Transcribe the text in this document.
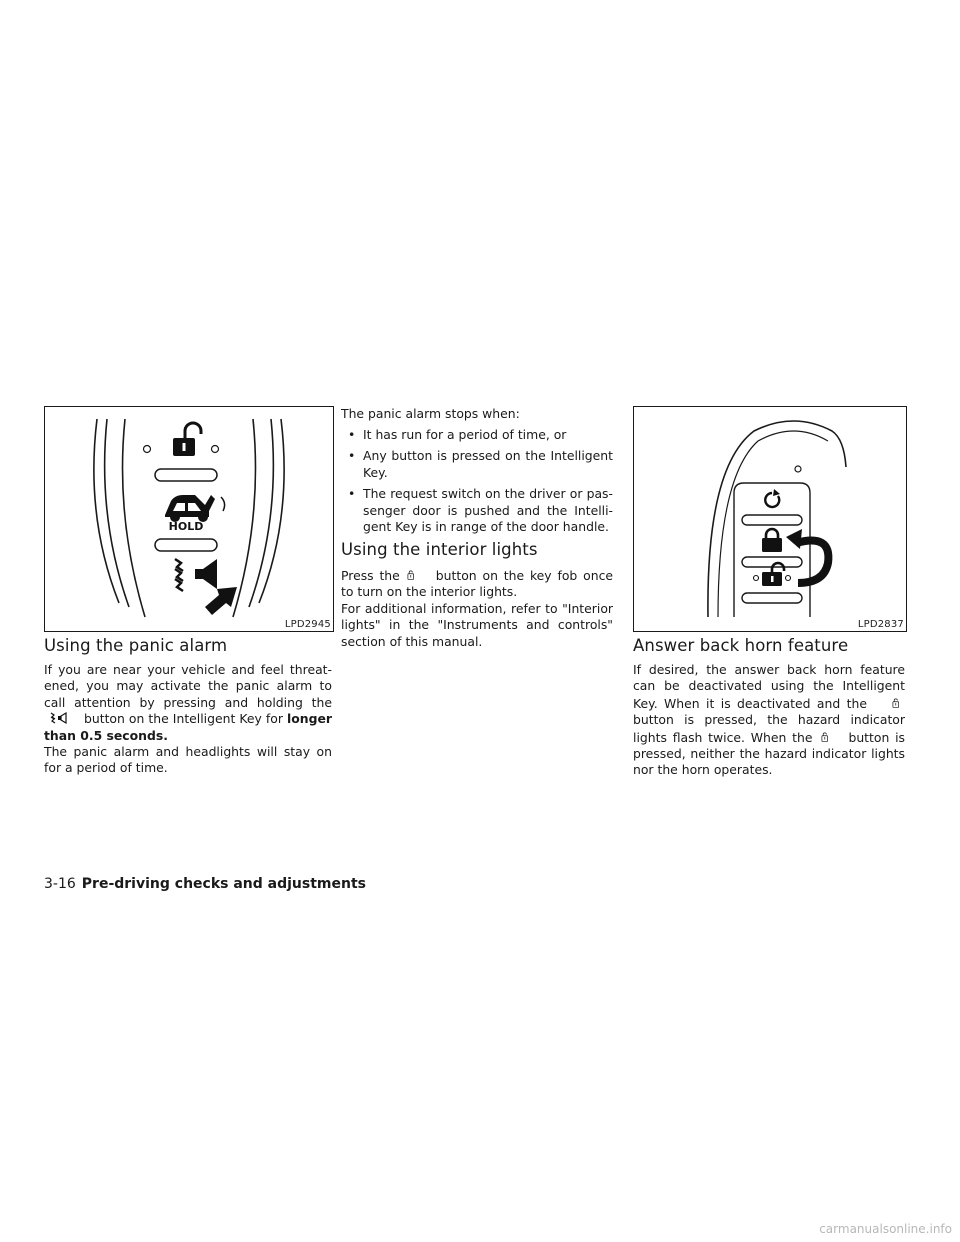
HOLD
LPD2945
Using the panic alarm

If you are near your vehicle and feel threat-ened, you may activate the panic alarm to call attention by pressing and holding thebutton on the Intelligent Key for longer than 0.5 seconds.

The panic alarm and headlights will stay on for a period of time.

The panic alarm stops when:

• It has run for a period of time, or
• Any button is pressed on the Intelligent Key.
• The request switch on the driver or pas-senger door is pushed and the Intelli-gent Key is in range of the door handle.
Using the interior lights

Press the	button on the key fob once to turn on the interior lights.

For additional information, refer to "Interior lights" in the "Instruments and controls" section of this manual.

LPD2837
Answer back horn feature

If desired, the answer back horn feature can be deactivated using the Intelligent Key. When it is deactivated and the button is pressed, the hazard indicator lights flash twice. When the	button is pressed, neither the hazard indicator lights nor the horn operates.

3-16 Pre-driving checks and adjustments
carmanualsonline.info
